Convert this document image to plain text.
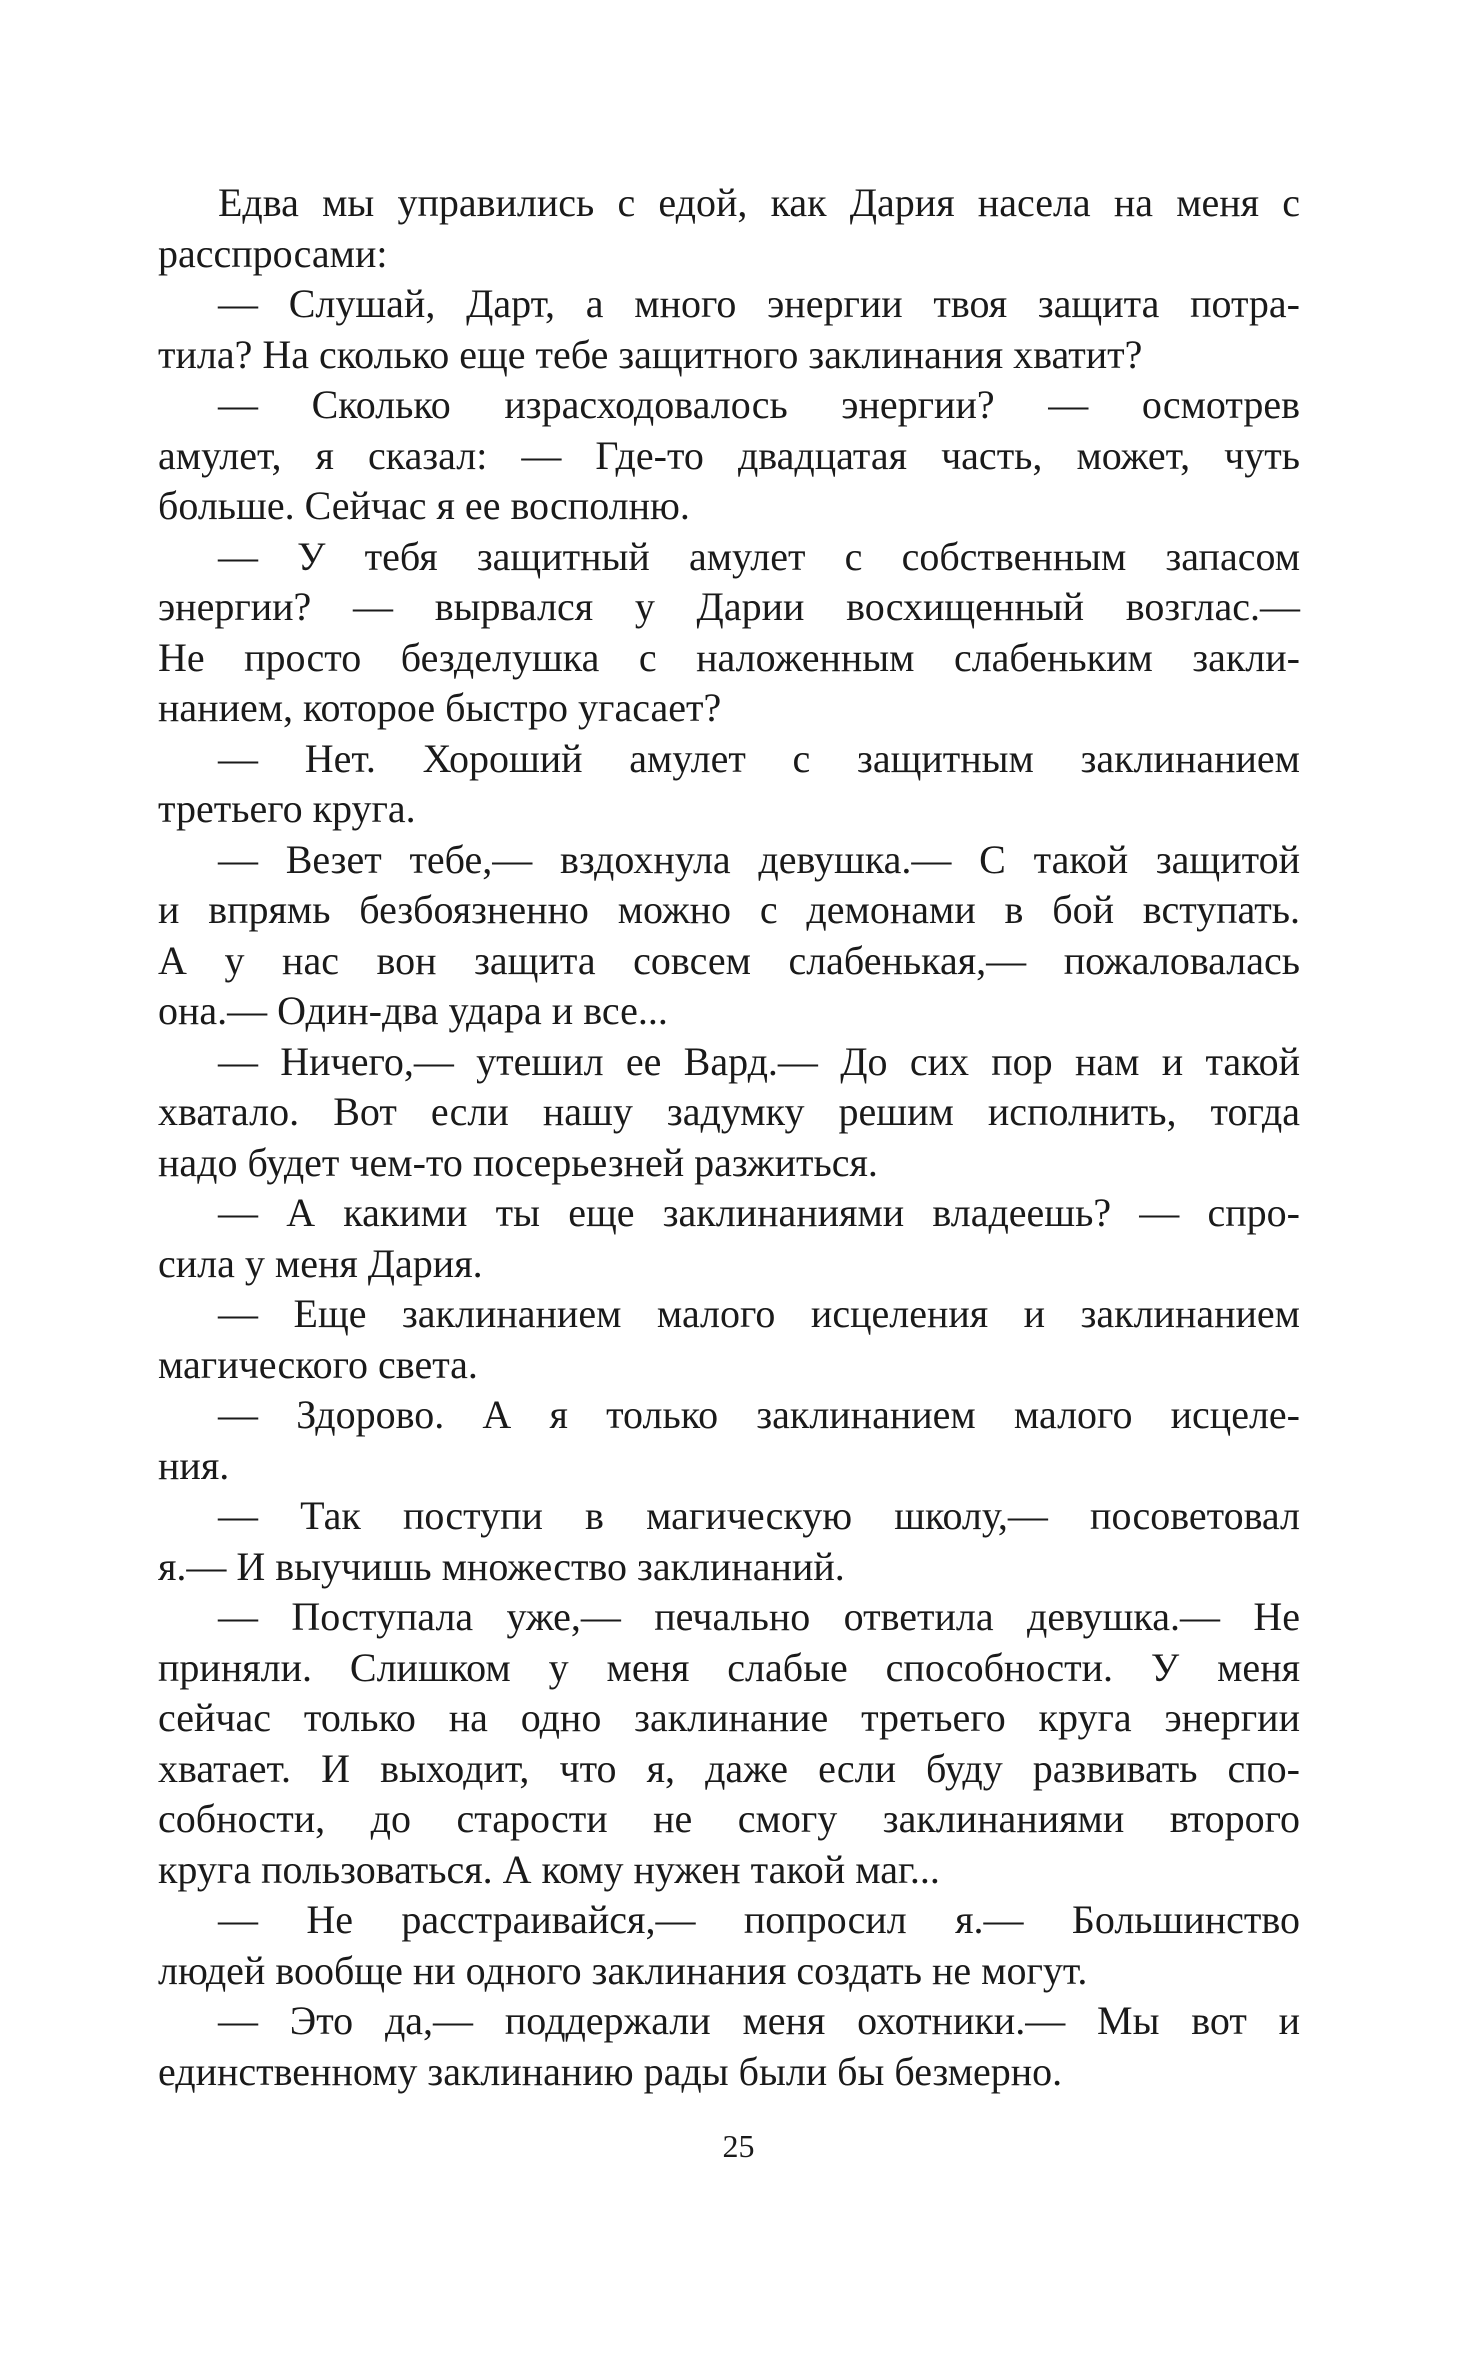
Едва мы управились с едой, как Дария насела на меня с
расспросами:
— Слушай, Дарт, а много энергии твоя защита потра-
тила? На сколько еще тебе защитного заклинания хватит?
— Сколько израсходовалось энергии? — осмотрев
амулет, я сказал: — Где-то двадцатая часть, может, чуть
больше. Сейчас я ее восполню.
— У тебя защитный амулет с собственным запасом
энергии? — вырвался у Дарии восхищенный возглас.—
Не просто безделушка с наложенным слабеньким закли-
нанием, которое быстро угасает?
— Нет. Хороший амулет с защитным заклинанием
третьего круга.
— Везет тебе,— вздохнула девушка.— С такой защитой
и впрямь безбоязненно можно с демонами в бой вступать.
А у нас вон защита совсем слабенькая,— пожаловалась
она.— Один-два удара и все...
— Ничего,— утешил ее Вард.— До сих пор нам и такой
хватало. Вот если нашу задумку решим исполнить, тогда
надо будет чем-то посерьезней разжиться.
— А какими ты еще заклинаниями владеешь? — спро-
сила у меня Дария.
— Еще заклинанием малого исцеления и заклинанием
магического света.
— Здорово. А я только заклинанием малого исцеле-
ния.
— Так поступи в магическую школу,— посоветовал
я.— И выучишь множество заклинаний.
— Поступала уже,— печально ответила девушка.— Не
приняли. Слишком у меня слабые способности. У меня
сейчас только на одно заклинание третьего круга энергии
хватает. И выходит, что я, даже если буду развивать спо-
собности, до старости не смогу заклинаниями второго
круга пользоваться. А кому нужен такой маг...
— Не расстраивайся,— попросил я.— Большинство
людей вообще ни одного заклинания создать не могут.
— Это да,— поддержали меня охотники.— Мы вот и
единственному заклинанию рады были бы безмерно.
25
